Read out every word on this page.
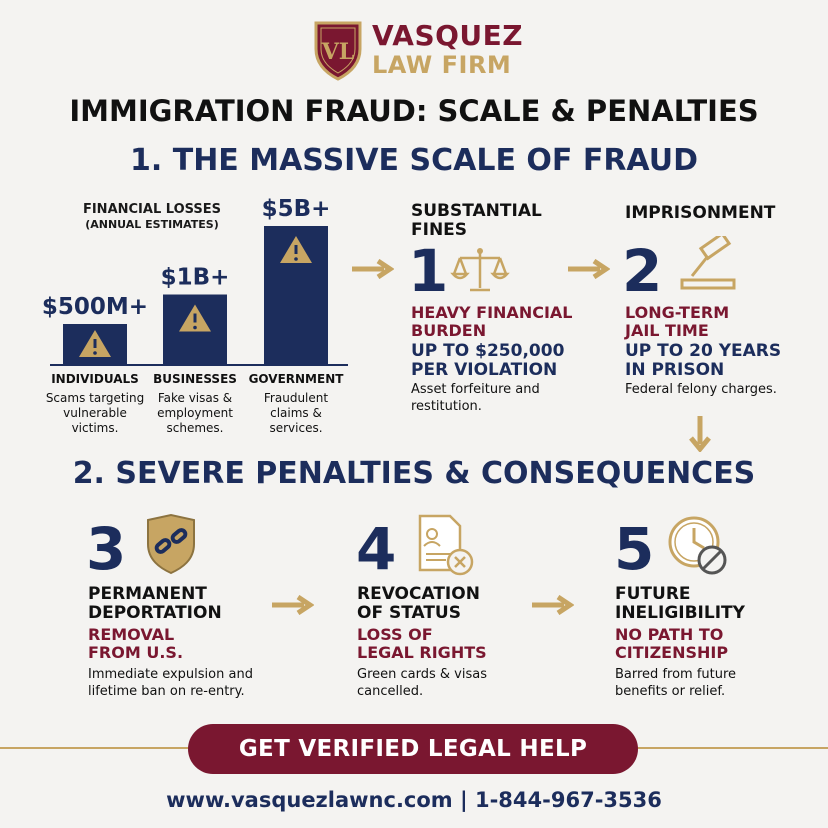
VL VASQUEZ
LAW FIRM
IMMIGRATION FRAUD: SCALE & PENALTIES
1. THE MASSIVE SCALE OF FRAUD
FINANCIAL LOSSES
(ANNUAL ESTIMATES)
$500M+
INDIVIDUALS
Scams targeting
vulnerable
victims.
$1B+
BUSINESSES
Fake visas &
employment
schemes.
$5B+
GOVERNMENT
Fraudulent
claims &
services.
SUBSTANTIAL
FINES
1
HEAVY FINANCIAL
BURDEN
UP TO $250,000
PER VIOLATION
Asset forfeiture and
restitution.
IMPRISONMENT
2
LONG-TERM
JAIL TIME
UP TO 20 YEARS
IN PRISON
Federal felony charges.
2. SEVERE PENALTIES & CONSEQUENCES
3
PERMANENT
DEPORTATION
REMOVAL
FROM U.S.
Immediate expulsion and
lifetime ban on re-entry.
4
REVOCATION
OF STATUS
LOSS OF
LEGAL RIGHTS
Green cards & visas
cancelled.
5
FUTURE
INELIGIBILITY
NO PATH TO
CITIZENSHIP
Barred from future
benefits or relief.
GET VERIFIED LEGAL HELP
www.vasquezlawnc.com | 1-844-967-3536
